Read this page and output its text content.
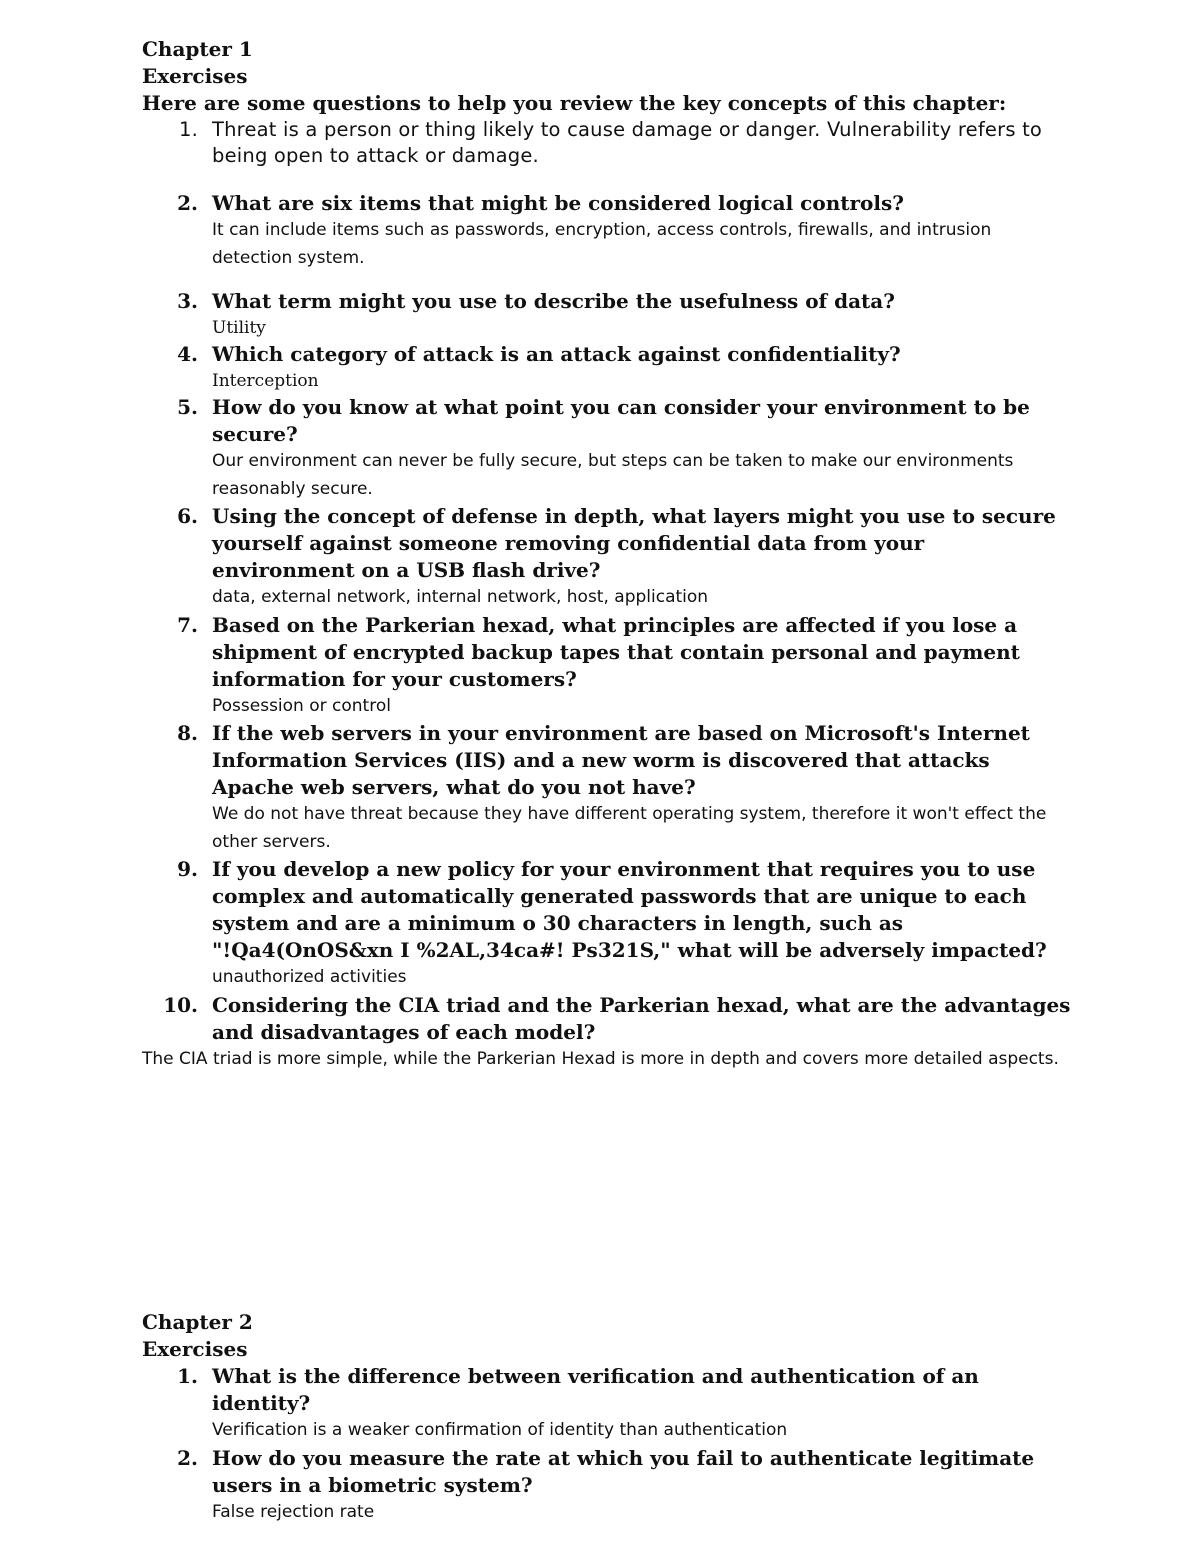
Chapter 1

Exercises

Here are some questions to help you review the key concepts of this chapter:

1. Threat is a person or thing likely to cause damage or danger. Vulnerability refers to being open to attack or damage.
2. What are six items that might be considered logical controls?
It can include items such as passwords, encryption, access controls, firewalls, and intrusion detection system.
3. What term might you use to describe the usefulness of data?
Utility
4. Which category of attack is an attack against confidentiality?
Interception
5. How do you know at what point you can consider your environment to be secure?
Our environment can never be fully secure, but steps can be taken to make our environments reasonably secure.
6. Using the concept of defense in depth, what layers might you use to secure yourself against someone removing confidential data from your environment on a USB flash drive?
data, external network, internal network, host, application
7. Based on the Parkerian hexad, what principles are affected if you lose a shipment of encrypted backup tapes that contain personal and payment information for your customers?
Possession or control
8. If the web servers in your environment are based on Microsoft's Internet Information Services (IIS) and a new worm is discovered that attacks Apache web servers, what do you not have?
We do not have threat because they have different operating system, therefore it won't effect the other servers.
9. If you develop a new policy for your environment that requires you to use complex and automatically generated passwords that are unique to each system and are a minimum o 30 characters in length, such as "!Qa4(OnOS&xn I %2AL,34ca#! Ps321S," what will be adversely impacted?
unauthorized activities
10. Considering the CIA triad and the Parkerian hexad, what are the advantages and disadvantages of each model?

The CIA triad is more simple, while the Parkerian Hexad is more in depth and covers more detailed aspects.

Chapter 2

Exercises

1. What is the difference between verification and authentication of an identity?
Verification is a weaker confirmation of identity than authentication
2. How do you measure the rate at which you fail to authenticate legitimate users in a biometric system?
False rejection rate
